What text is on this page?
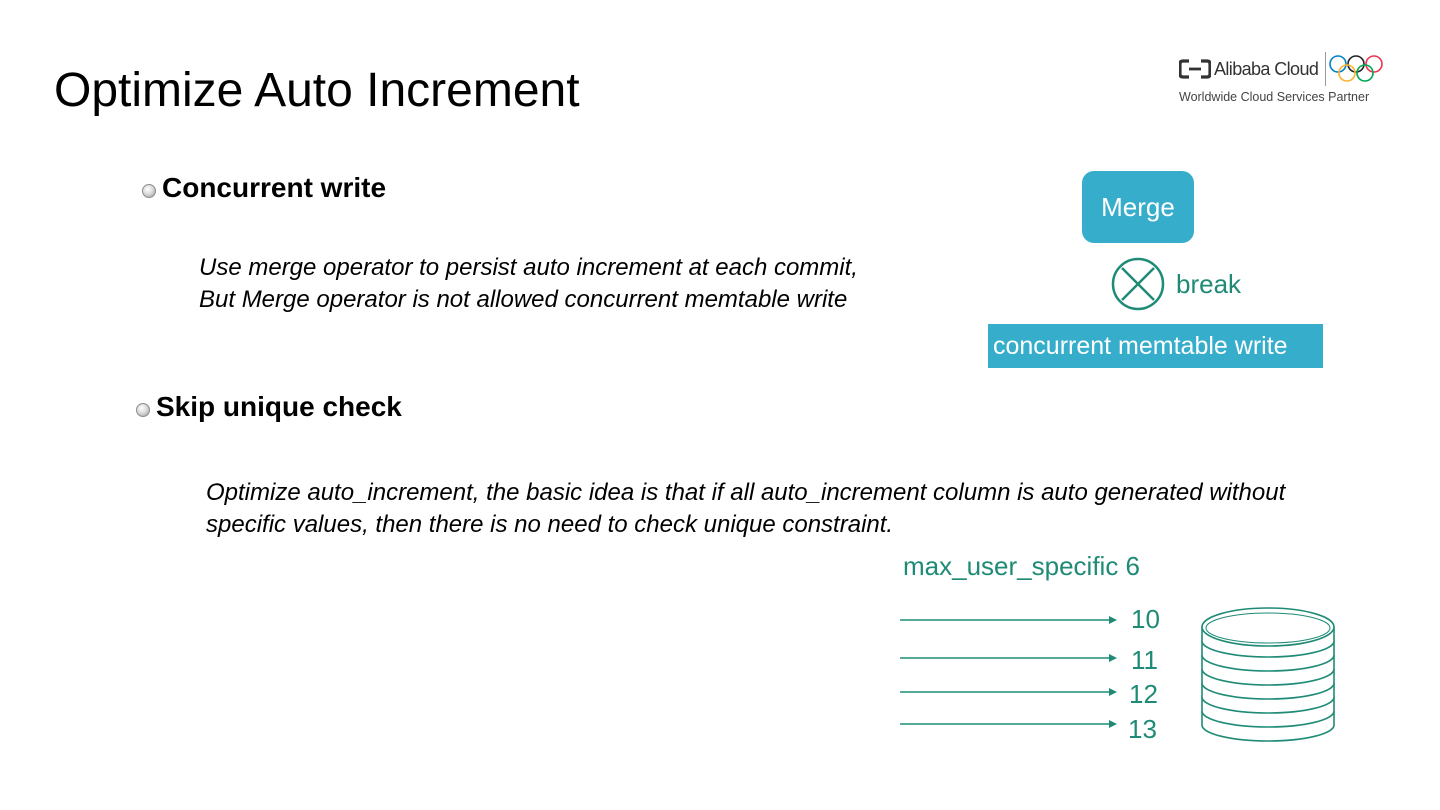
Optimize Auto Increment	Alibaba Cloud
Worldwide Cloud Services Partner
Concurrent write
Use merge operator to persist auto increment at each commit,
But Merge operator is not allowed concurrent memtable write
Skip unique check
Optimize auto_increment, the basic idea is that if all auto_increment column is auto generated without
specific values, then there is no need to check unique constraint.
Merge
break
concurrent memtable write
max_user_specific 6
10
11
12
13
